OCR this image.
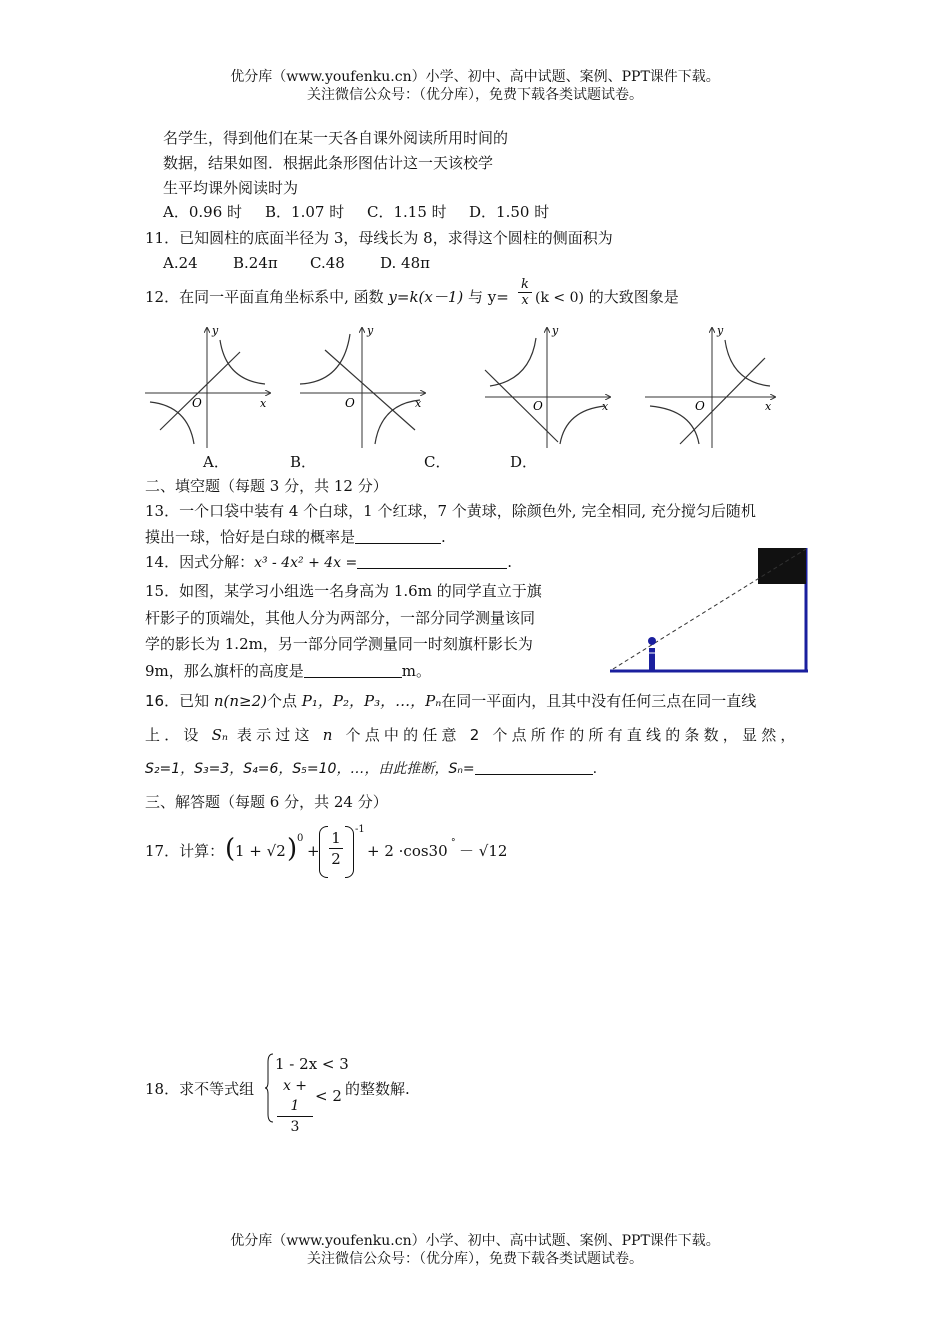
优分库（www.youfenku.cn）小学、初中、高中试题、案例、PPT课件下载。
关注微信公众号：（优分库），免费下载各类试题试卷。
名学生，得到他们在某一天各自课外阅读所用时间的
数据，结果如图．根据此条形图估计这一天该校学
生平均课外阅读时为
A．0.96 时 B．1.07 时 C．1.15 时 D．1.50 时
11．已知圆柱的底面半径为 3，母线长为 8，求得这个圆柱的侧面积为
A.24 B.24π C.48 D. 48π
12．在同一平面直角坐标系中, 函数 y=k(x－1) 与 $y= \frac{k}{x} (k < 0)$ 的大致图象是
y
x
O
y
x
O
y
x
O
y
x
O
A．	B．	C．	D．
二、填空题（每题 3 分，共 12 分）
13．一个口袋中装有 4 个白球，1 个红球，7 个黄球，除颜色外, 完全相同, 充分搅匀后随机
摸出一球，恰好是白球的概率是	.
14．因式分解：x³ - 4x² + 4x =	.
15．如图，某学习小组选一名身高为 1.6m 的同学直立于旗
杆影子的顶端处，其他人分为两部分，一部分同学测量该同
学的影长为 1.2m，另一部分同学测量同一时刻旗杆影长为
9m，那么旗杆的高度是	m。
16．已知 n(n≥2)个点 P₁，P₂，P₃，…，Pₙ在同一平面内，且其中没有任何三点在同一直线
上．设 Sₙ 表示过这 n 个点中的任意 2 个点所作的所有直线的条数，显然，
S₂=1，S₃=3，S₄=6，S₅=10，…，由此推断，Sₙ=	.
三、解答题（每题 6 分，共 24 分）
17．计算： ( 1 + √2 ) 0
+ $\frac{1}{2} -1$
+ 2 ·cos30 ° － √12
18．求不等式组
1 - 2x < 3
$\frac{x + 1}{3} < 2$ 的整数解.
优分库（www.youfenku.cn）小学、初中、高中试题、案例、PPT课件下载。
关注微信公众号：（优分库），免费下载各类试题试卷。
